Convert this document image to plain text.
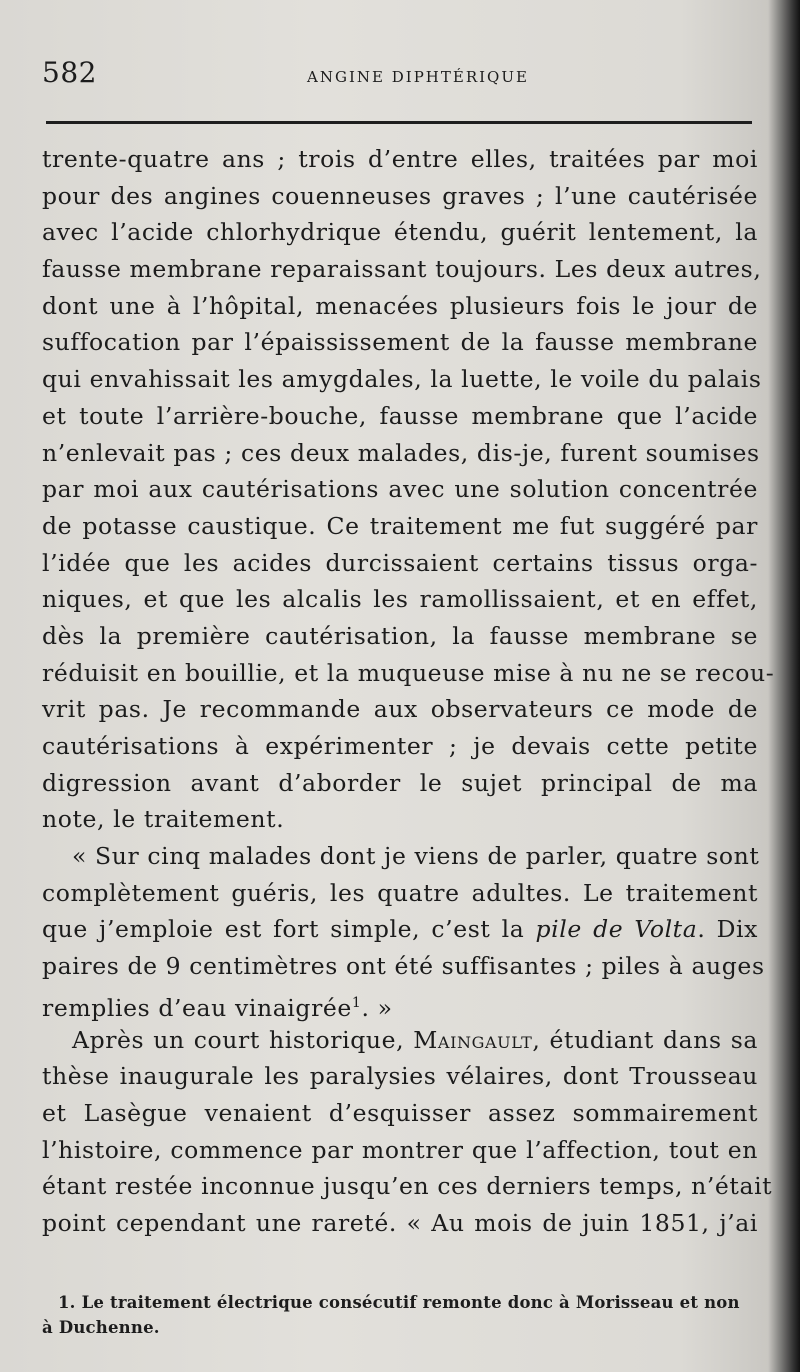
582	ANGINE DIPHTÉRIQUE
trente-quatre ans ; trois d’entre elles, traitées par moi
pour des angines couenneuses graves ; l’une cautérisée
avec l’acide chlorhydrique étendu, guérit lentement, la
fausse membrane reparaissant toujours. Les deux autres,
dont une à l’hôpital, menacées plusieurs fois le jour de
suffocation par l’épaississement de la fausse membrane
qui envahissait les amygdales, la luette, le voile du palais
et toute l’arrière-bouche, fausse membrane que l’acide
n’enlevait pas ; ces deux malades, dis-je, furent soumises
par moi aux cautérisations avec une solution concentrée
de potasse caustique. Ce traitement me fut suggéré par
l’idée que les acides durcissaient certains tissus orga-
niques, et que les alcalis les ramollissaient, et en effet,
dès la première cautérisation, la fausse membrane se
réduisit en bouillie, et la muqueuse mise à nu ne se recou-
vrit pas. Je recommande aux observateurs ce mode de
cautérisations à expérimenter ; je devais cette petite
digression avant d’aborder le sujet principal de ma
note, le traitement.
« Sur cinq malades dont je viens de parler, quatre sont
complètement guéris, les quatre adultes. Le traitement
que j’emploie est fort simple, c’est la pile de Volta. Dix
paires de 9 centimètres ont été suffisantes ; piles à auges
remplies d’eau vinaigrée$^1$. »
Après un court historique, Maingault, étudiant dans sa
thèse inaugurale les paralysies vélaires, dont Trousseau
et Lasègue venaient d’esquisser assez sommairement
l’histoire, commence par montrer que l’affection, tout en
étant restée inconnue jusqu’en ces derniers temps, n’était
point cependant une rareté. « Au mois de juin 1851, j’ai
1. Le traitement électrique consécutif remonte donc à Morisseau et non
à Duchenne.
